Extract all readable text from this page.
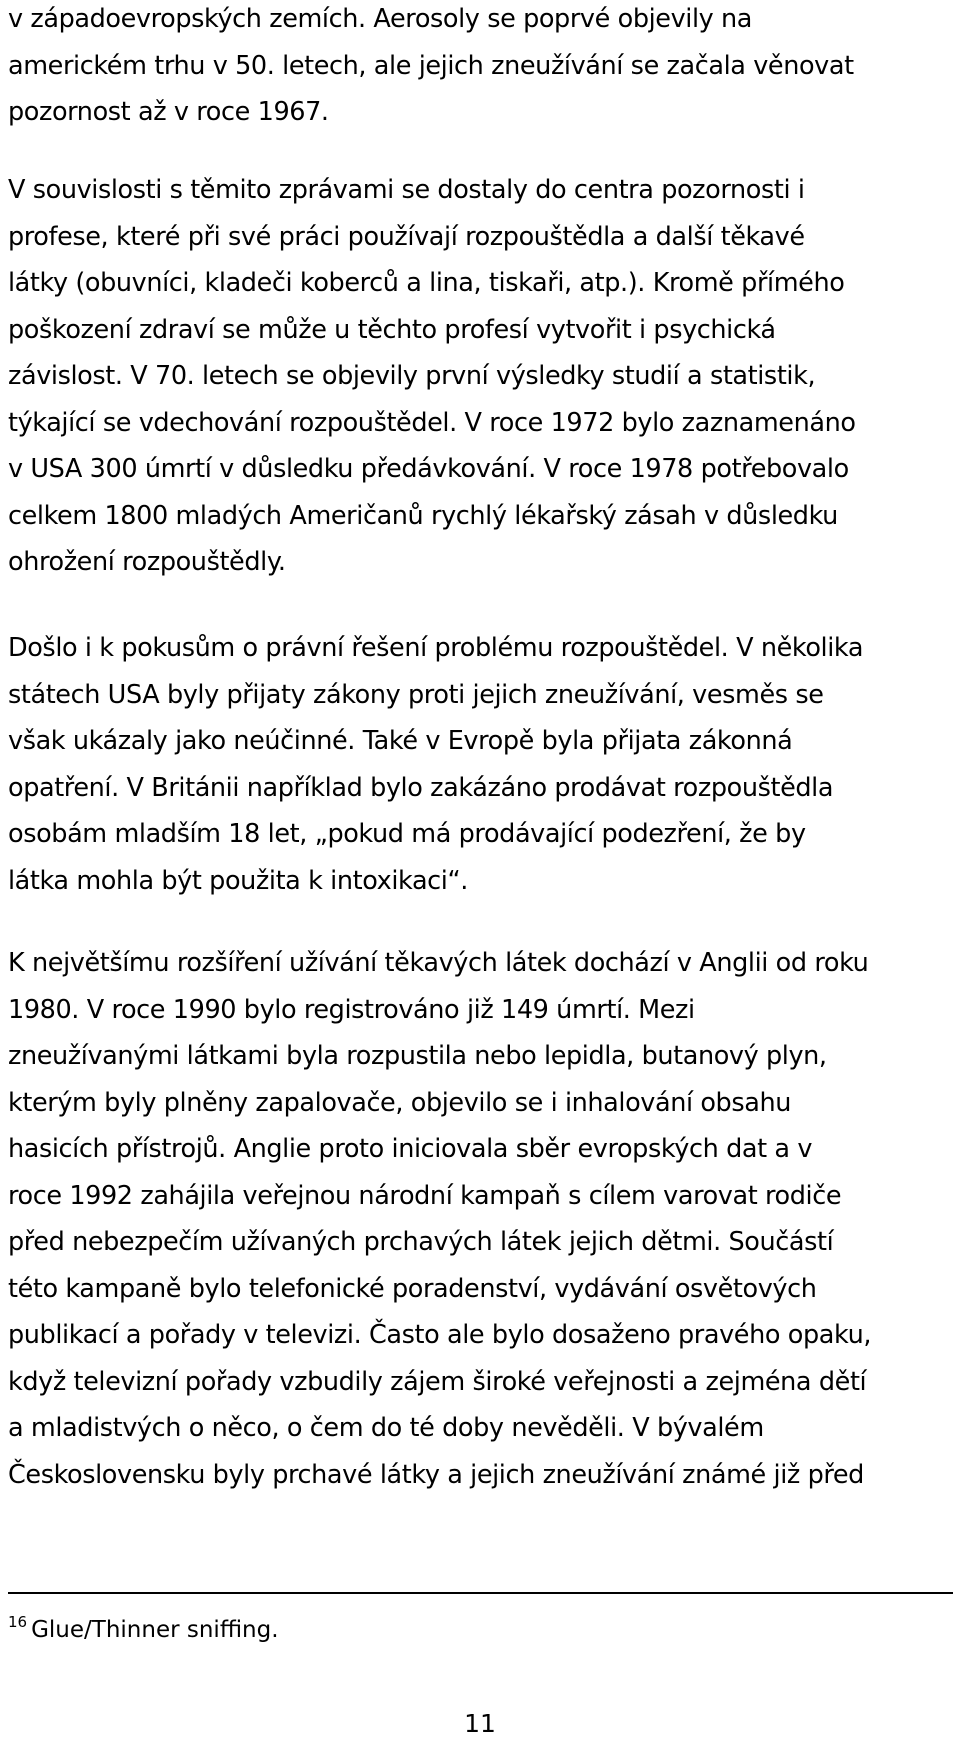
v západoevropských zemích. Aerosoly se poprvé objevily na
americkém trhu v 50. letech, ale jejich zneužívání se začala věnovat
pozornost až v roce 1967.
V souvislosti s těmito zprávami se dostaly do centra pozornosti i
profese, které při své práci používají rozpouštědla a další těkavé
látky (obuvníci, kladeči koberců a lina, tiskaři, atp.). Kromě přímého
poškození zdraví se může u těchto profesí vytvořit i psychická
závislost. V 70. letech se objevily první výsledky studií a statistik,
týkající se vdechování rozpouštědel. V roce 1972 bylo zaznamenáno
v USA 300 úmrtí v důsledku předávkování. V roce 1978 potřebovalo
celkem 1800 mladých Američanů rychlý lékařský zásah v důsledku
ohrožení rozpouštědly.
Došlo i k pokusům o právní řešení problému rozpouštědel. V několika
státech USA byly přijaty zákony proti jejich zneužívání, vesměs se
však ukázaly jako neúčinné. Také v Evropě byla přijata zákonná
opatření. V Británii například bylo zakázáno prodávat rozpouštědla
osobám mladším 18 let, „pokud má prodávající podezření, že by
látka mohla být použita k intoxikaci“.
K největšímu rozšíření užívání těkavých látek dochází v Anglii od roku
1980. V roce 1990 bylo registrováno již 149 úmrtí. Mezi
zneužívanými látkami byla rozpustila nebo lepidla, butanový plyn,
kterým byly plněny zapalovače, objevilo se i inhalování obsahu
hasicích přístrojů. Anglie proto iniciovala sběr evropských dat a v
roce 1992 zahájila veřejnou národní kampaň s cílem varovat rodiče
před nebezpečím užívaných prchavých látek jejich dětmi. Součástí
této kampaně bylo telefonické poradenství, vydávání osvětových
publikací a pořady v televizi. Často ale bylo dosaženo pravého opaku,
když televizní pořady vzbudily zájem široké veřejnosti a zejména dětí
a mladistvých o něco, o čem do té doby nevěděli. V bývalém
Československu byly prchavé látky a jejich zneužívání známé již před
$^{16}$ Glue/Thinner sniffing.
11
